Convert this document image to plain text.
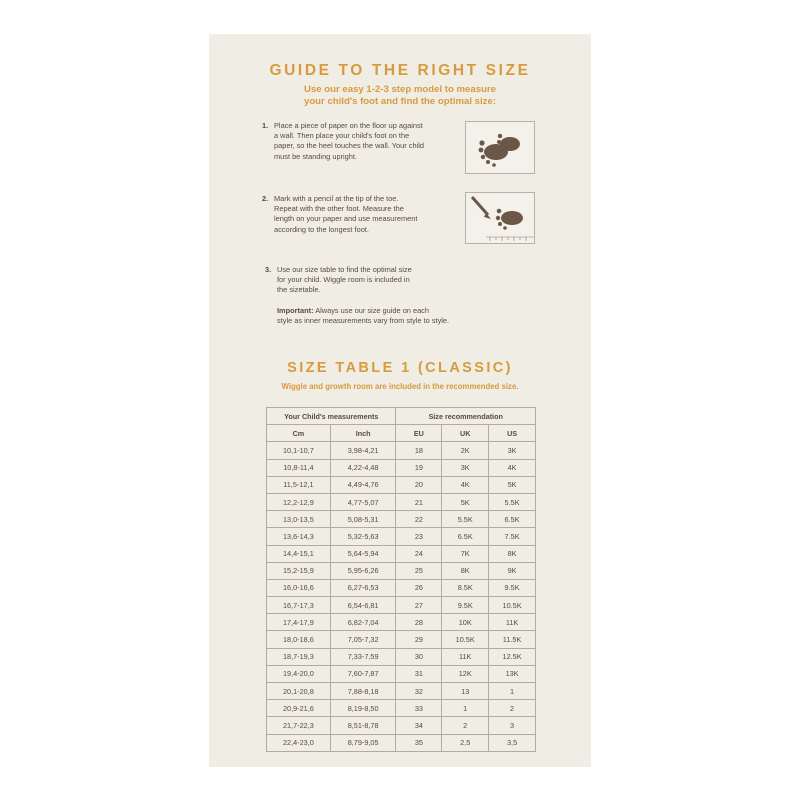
GUIDE TO THE RIGHT SIZE
Use our easy 1-2-3 step model to measure
your child's foot and find the optimal size:
1. Place a piece of paper on the floor up against
a wall. Then place your child's foot on the
paper, so the heel touches the wall. Your child
must be standing upright.
2. Mark with a pencil at the tip of the toe.
Repeat with the other foot. Measure the
length on your paper and use measurement
according to the longest foot.
3. Use our size table to find the optimal size
for your child. Wiggle room is included in
the sizetable.
Important: Always use our size guide on each
style as inner measurements vary from style to style.
SIZE TABLE 1 (CLASSIC)
Wiggle and growth room are included in the recommended size.
Your Child's measurements		Size recommendation		
Cm	Inch	EU	UK	US
10,1-10,7	3,98-4,21	18	2K	3K
10,8-11,4	4,22-4,48	19	3K	4K
11,5-12,1	4,49-4,76	20	4K	5K
12,2-12,9	4,77-5,07	21	5K	5.5K
13,0-13,5	5,08-5,31	22	5.5K	6.5K
13,6-14,3	5,32-5,63	23	6.5K	7.5K
14,4-15,1	5,64-5,94	24	7K	8K
15,2-15,9	5,95-6,26	25	8K	9K
16,0-16,6	6,27-6,53	26	8.5K	9.5K
16,7-17,3	6,54-6,81	27	9.5K	10.5K
17,4-17,9	6,82-7,04	28	10K	11K
18,0-18,6	7,05-7,32	29	10.5K	11.5K
18,7-19,3	7,33-7,59	30	11K	12.5K
19,4-20,0	7,60-7,87	31	12K	13K
20,1-20,8	7,88-8,18	32	13	1
20,9-21,6	8,19-8,50	33	1	2
21,7-22,3	8,51-8,78	34	2	3
22,4-23,0	8,79-9,05	35	2,5	3,5
